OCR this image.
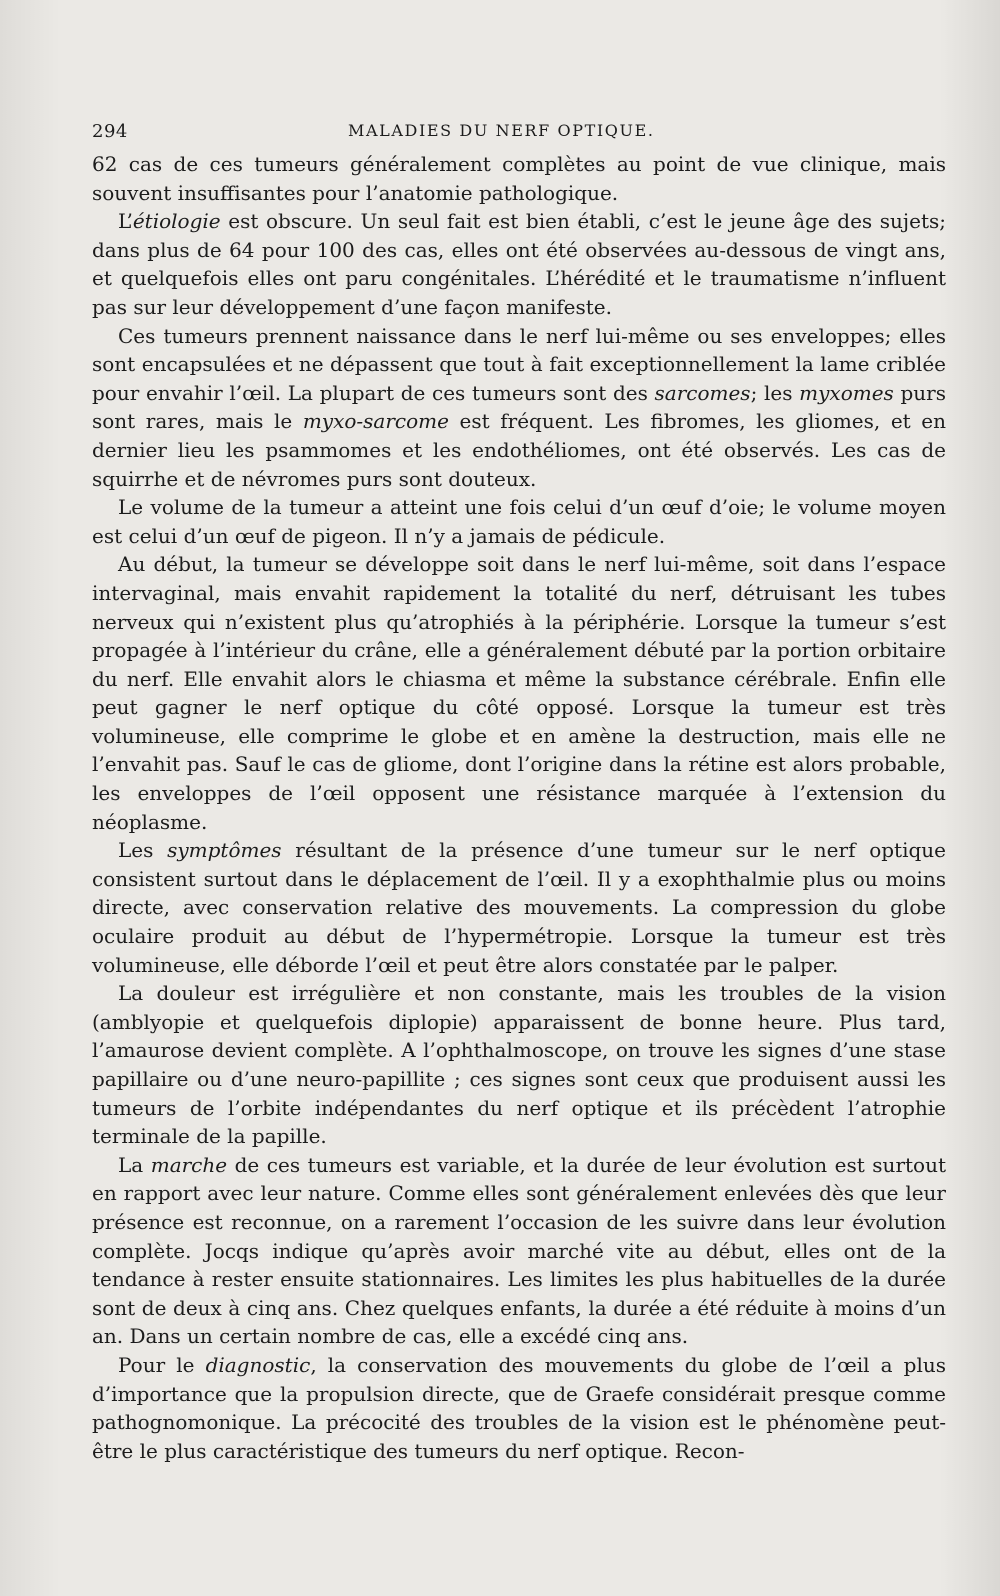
294	MALADIES DU NERF OPTIQUE.

62 cas de ces tumeurs généralement complètes au point de vue clinique, mais souvent insuffisantes pour l’anatomie pathologique.

L’étiologie est obscure. Un seul fait est bien établi, c’est le jeune âge des sujets; dans plus de 64 pour 100 des cas, elles ont été observées au-dessous de vingt ans, et quelquefois elles ont paru congénitales. L’hérédité et le traumatisme n’influent pas sur leur développement d’une façon manifeste.

Ces tumeurs prennent naissance dans le nerf lui-même ou ses enveloppes; elles sont encapsulées et ne dépassent que tout à fait exceptionnellement la lame criblée pour envahir l’œil. La plupart de ces tumeurs sont des sarcomes; les myxomes purs sont rares, mais le myxo-sarcome est fréquent. Les fibromes, les gliomes, et en dernier lieu les psammomes et les endothéliomes, ont été observés. Les cas de squirrhe et de névromes purs sont douteux.

Le volume de la tumeur a atteint une fois celui d’un œuf d’oie; le volume moyen est celui d’un œuf de pigeon. Il n’y a jamais de pédicule.

Au début, la tumeur se développe soit dans le nerf lui-même, soit dans l’espace intervaginal, mais envahit rapidement la totalité du nerf, détruisant les tubes nerveux qui n’existent plus qu’atrophiés à la périphérie. Lorsque la tumeur s’est propagée à l’intérieur du crâne, elle a généralement débuté par la portion orbitaire du nerf. Elle envahit alors le chiasma et même la substance cérébrale. Enfin elle peut gagner le nerf optique du côté opposé. Lorsque la tumeur est très volumineuse, elle comprime le globe et en amène la destruction, mais elle ne l’envahit pas. Sauf le cas de gliome, dont l’origine dans la rétine est alors probable, les enveloppes de l’œil opposent une résistance marquée à l’extension du néoplasme.

Les symptômes résultant de la présence d’une tumeur sur le nerf optique consistent surtout dans le déplacement de l’œil. Il y a exophthalmie plus ou moins directe, avec conservation relative des mouvements. La compression du globe oculaire produit au début de l’hypermétropie. Lorsque la tumeur est très volumineuse, elle déborde l’œil et peut être alors constatée par le palper.

La douleur est irrégulière et non constante, mais les troubles de la vision (amblyopie et quelquefois diplopie) apparaissent de bonne heure. Plus tard, l’amaurose devient complète. A l’ophthalmoscope, on trouve les signes d’une stase papillaire ou d’une neuro-papillite ; ces signes sont ceux que produisent aussi les tumeurs de l’orbite indépendantes du nerf optique et ils précèdent l’atrophie terminale de la papille.

La marche de ces tumeurs est variable, et la durée de leur évolution est surtout en rapport avec leur nature. Comme elles sont généralement enlevées dès que leur présence est reconnue, on a rarement l’occasion de les suivre dans leur évolution complète. Jocqs indique qu’après avoir marché vite au début, elles ont de la tendance à rester ensuite stationnaires. Les limites les plus habituelles de la durée sont de deux à cinq ans. Chez quelques enfants, la durée a été réduite à moins d’un an. Dans un certain nombre de cas, elle a excédé cinq ans.

Pour le diagnostic, la conservation des mouvements du globe de l’œil a plus d’importance que la propulsion directe, que de Graefe considérait presque comme pathognomonique. La précocité des troubles de la vision est le phénomène peut-être le plus caractéristique des tumeurs du nerf optique. Recon-
